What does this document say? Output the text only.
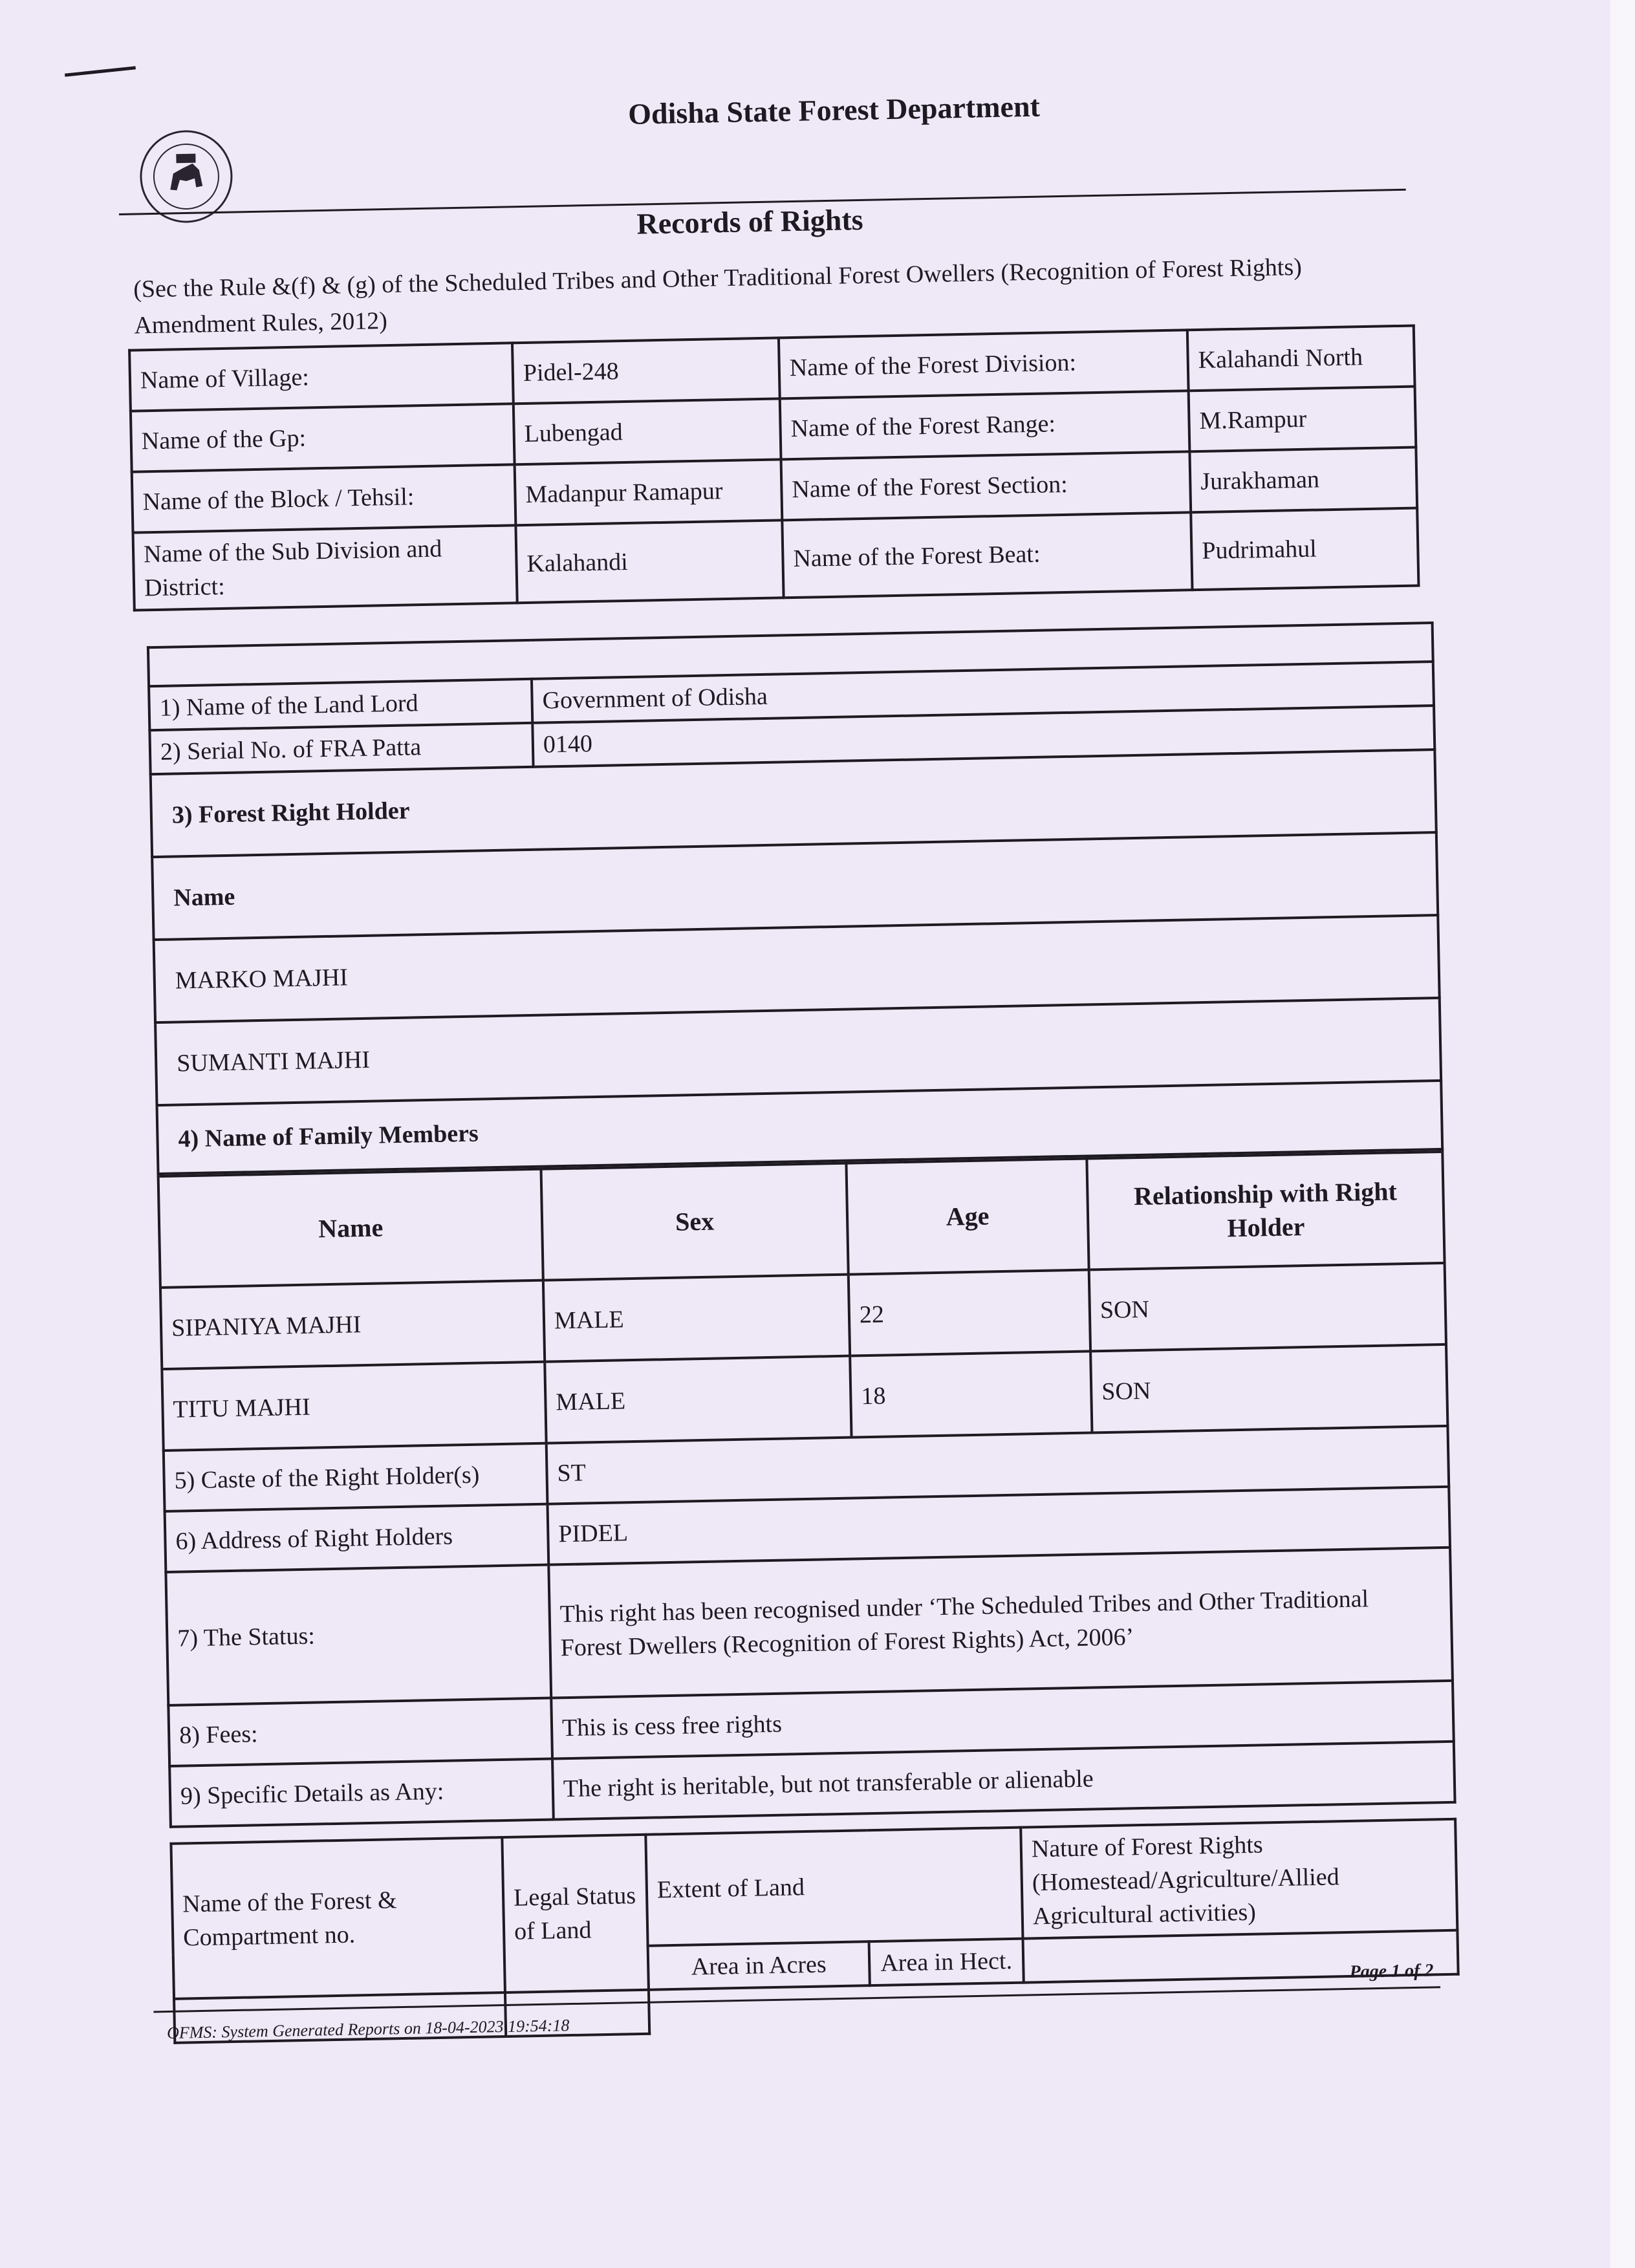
Odisha State Forest Department
Records of Rights
(Sec the Rule &(f) & (g) of the Scheduled Tribes and Other Traditional Forest Owellers (Recognition of Forest Rights) Amendment Rules, 2012)
Name of Village:	Pidel-248	Name of the Forest Division:	Kalahandi North
Name of the Gp:	Lubengad	Name of the Forest Range:	M.Rampur
Name of the Block / Tehsil:	Madanpur Ramapur	Name of the Forest Section:	Jurakhaman
Name of the Sub Division and District:	Kalahandi	Name of the Forest Beat:	Pudrimahul

1) Name of the Land Lord	Government of Odisha
2) Serial No. of FRA Patta	0140
3) Forest Right Holder
Name
MARKO MAJHI
SUMANTI MAJHI
4) Name of Family Members

Name	Sex	Age	Relationship with Right Holder
SIPANIYA MAJHI	MALE	22	SON
TITU MAJHI	MALE	18	SON

5) Caste of the Right Holder(s)	ST
6) Address of Right Holders	PIDEL
7) The Status:	
This right has been recognised under ‘The Scheduled Tribes and Other Traditional
Forest Dwellers (Recognition of Forest Rights) Act, 2006’

8) Fees:	This is cess free rights
9) Specific Details as Any:	The right is heritable, but not transferable or alienable
Name of the Forest & Compartment no.	Legal Status of Land	Extent of Land		Nature of Forest Rights (Homestead/Agriculture/Allied Agricultural activities)
		Area in Acres	Area in Hect.	
			Page 1 of 2
OFMS: System Generated Reports on 18-04-2023 19:54:18
